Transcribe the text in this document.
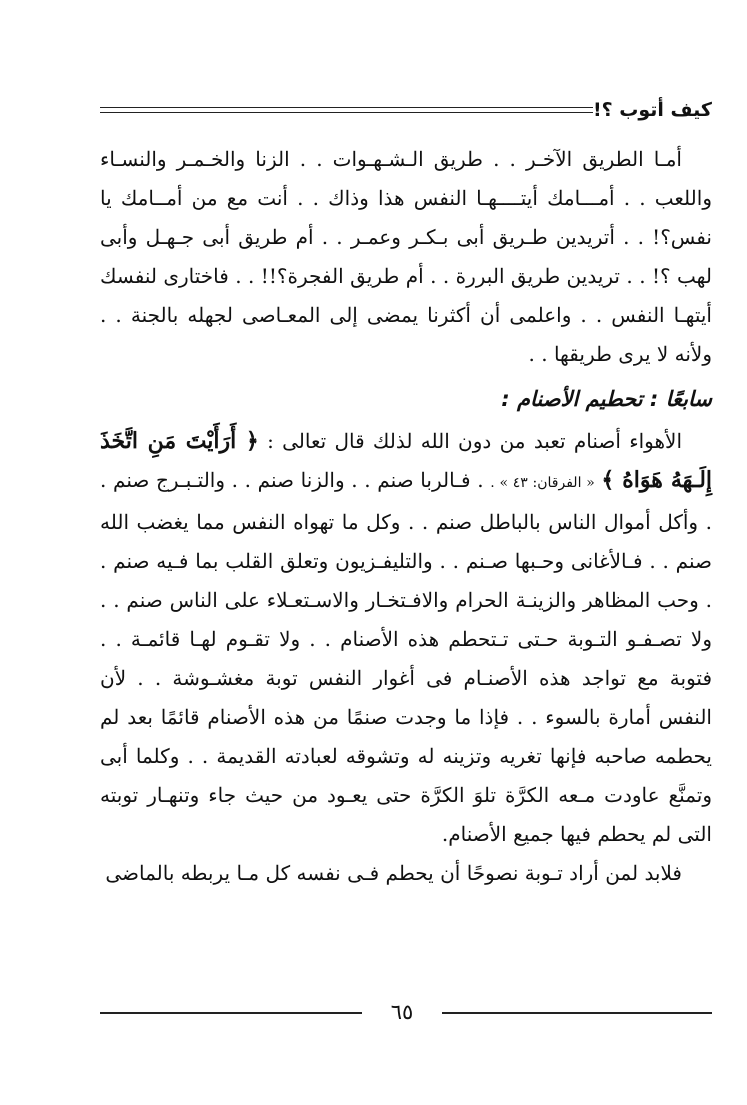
كيف أتوب ؟!

أمـا الطريق الآخـر . . طريق الـشـهـوات . . الزنا والخـمـر والنسـاء واللعب . . أمـــامك أيتــــهـا النفس هذا وذاك . . أنت مع من أمــامك يا نفس؟! . . أتريدين طـريق أبى بـكـر وعمـر . . أم طريق أبى جـهـل وأبى لهب ؟! . . تريدين طريق البررة . . أم طريق الفجرة؟!! . . فاختارى لنفسك أيتهـا النفس . . واعلمى أن أكثرنا يمضى إلى المعـاصى لجهله بالجنة . . ولأنه لا يرى طريقها . .

سابعًا : تحطيم الأصنام :

الأهواء أصنام تعبد من دون الله لذلك قال تعالى : ﴿ أَرَأَيْتَ مَنِ اتَّخَذَ إِلَـهَهُ هَوَاهُ ﴾ « الفرقان: ٤٣ » . . فـالربا صنم . . والزنا صنم . . والتـبـرج صنم . . وأكل أموال الناس بالباطل صنم . . وكل ما تهواه النفس مما يغضب الله صنم . . فـالأغانى وحـبها صـنم . . والتليفـزيون وتعلق القلب بما فـيه صنم . . وحب المظاهر والزينـة الحرام والافـتخـار والاسـتعـلاء على الناس صنم . . ولا تصـفـو التـوبة حـتى تـتحطم هذه الأصنام . . ولا تقـوم لهـا قائمـة . . فتوبة مع تواجد هذه الأصنـام فى أغوار النفس توبة مغشـوشة . . لأن النفس أمارة بالسوء . . فإذا ما وجدت صنمًا من هذه الأصنام قائمًا بعد لم يحطمه صاحبه فإنها تغريه وتزينه له وتشوقه لعبادته القديمة . . وكلما أبى وتمنَّع عاودت مـعه الكرَّة تلوَ الكرَّة حتى يعـود من حيث جاء وتنهـار توبته التى لم يحطم فيها جميع الأصنام.

فلابد لمن أراد تـوبة نصوحًا أن يحطم فـى نفسه كل مـا يربطه بالماضى

٦٥
